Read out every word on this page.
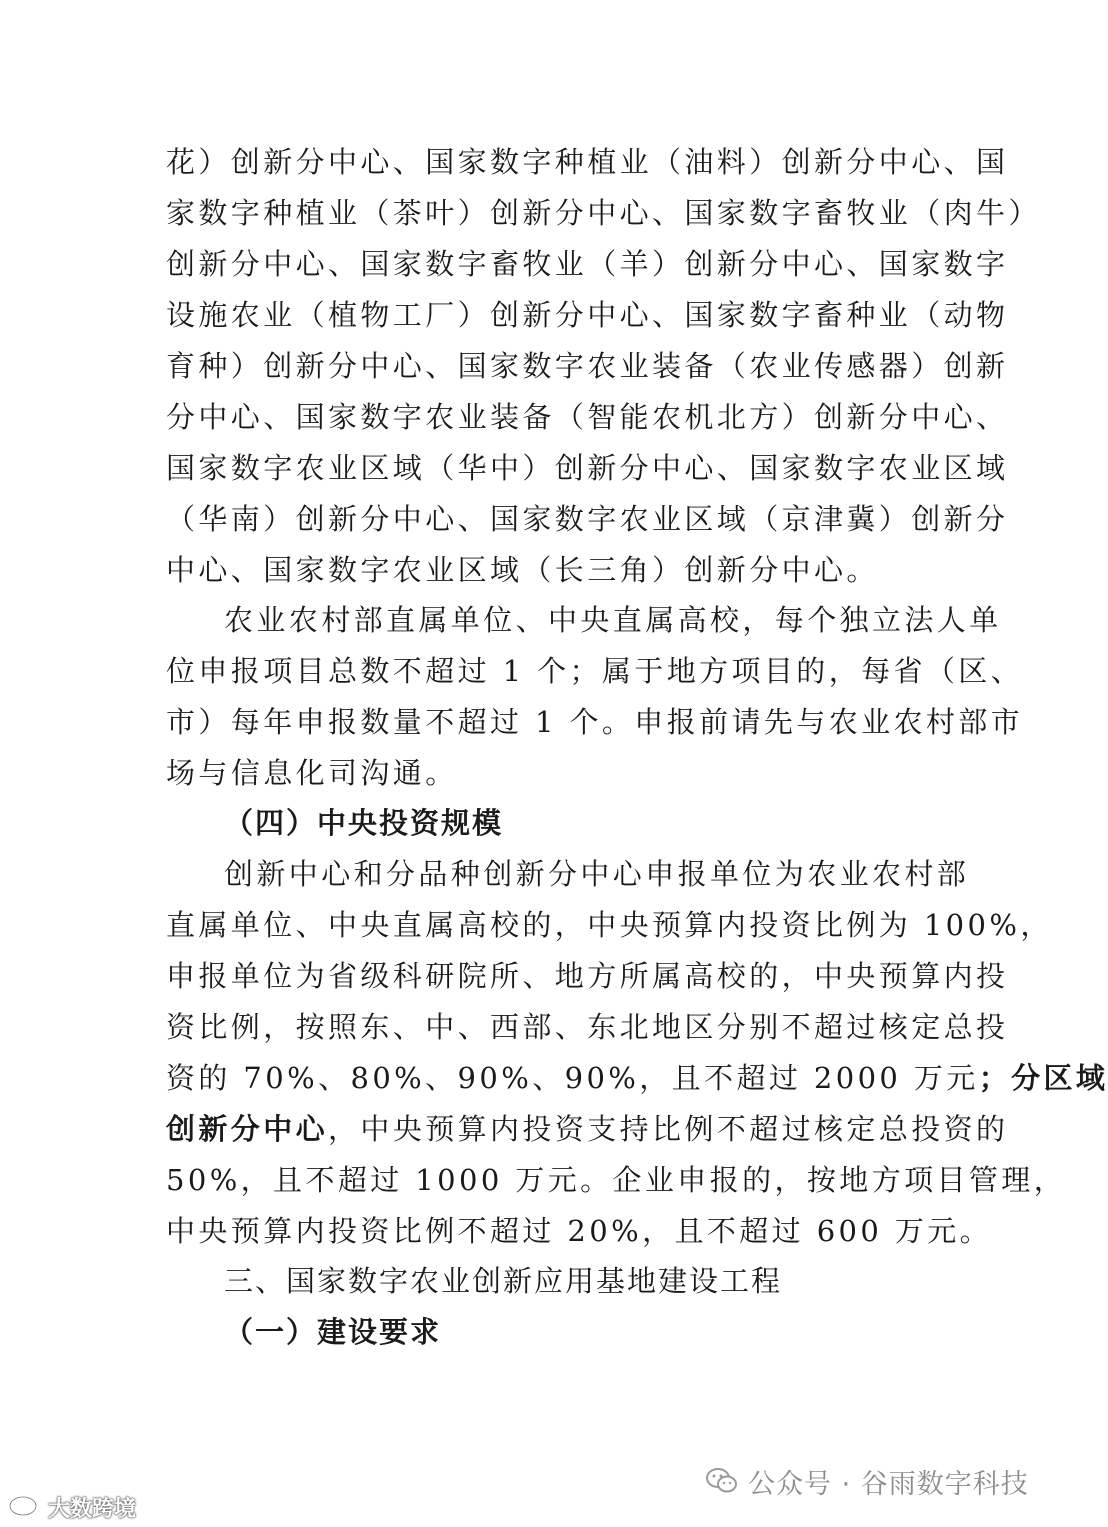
花）创新分中心、国家数字种植业（油料）创新分中心、国
家数字种植业（茶叶）创新分中心、国家数字畜牧业（肉牛）
创新分中心、国家数字畜牧业（羊）创新分中心、国家数字
设施农业（植物工厂）创新分中心、国家数字畜种业（动物
育种）创新分中心、国家数字农业装备（农业传感器）创新
分中心、国家数字农业装备（智能农机北方）创新分中心、
国家数字农业区域（华中）创新分中心、国家数字农业区域
（华南）创新分中心、国家数字农业区域（京津冀）创新分
中心、国家数字农业区域（长三角）创新分中心。
农业农村部直属单位、中央直属高校，每个独立法人单
位申报项目总数不超过 1 个；属于地方项目的，每省（区、
市）每年申报数量不超过 1 个。申报前请先与农业农村部市
场与信息化司沟通。
（四）中央投资规模
创新中心和分品种创新分中心申报单位为农业农村部
直属单位、中央直属高校的，中央预算内投资比例为 100%，
申报单位为省级科研院所、地方所属高校的，中央预算内投
资比例，按照东、中、西部、东北地区分别不超过核定总投
资的 70%、80%、90%、90%，且不超过 2000 万元；分区域
创新分中心，中央预算内投资支持比例不超过核定总投资的
50%，且不超过 1000 万元。企业申报的，按地方项目管理，
中央预算内投资比例不超过 20%，且不超过 600 万元。
三、国家数字农业创新应用基地建设工程
（一）建设要求
公众号 · 谷雨数字科技
大数跨境
